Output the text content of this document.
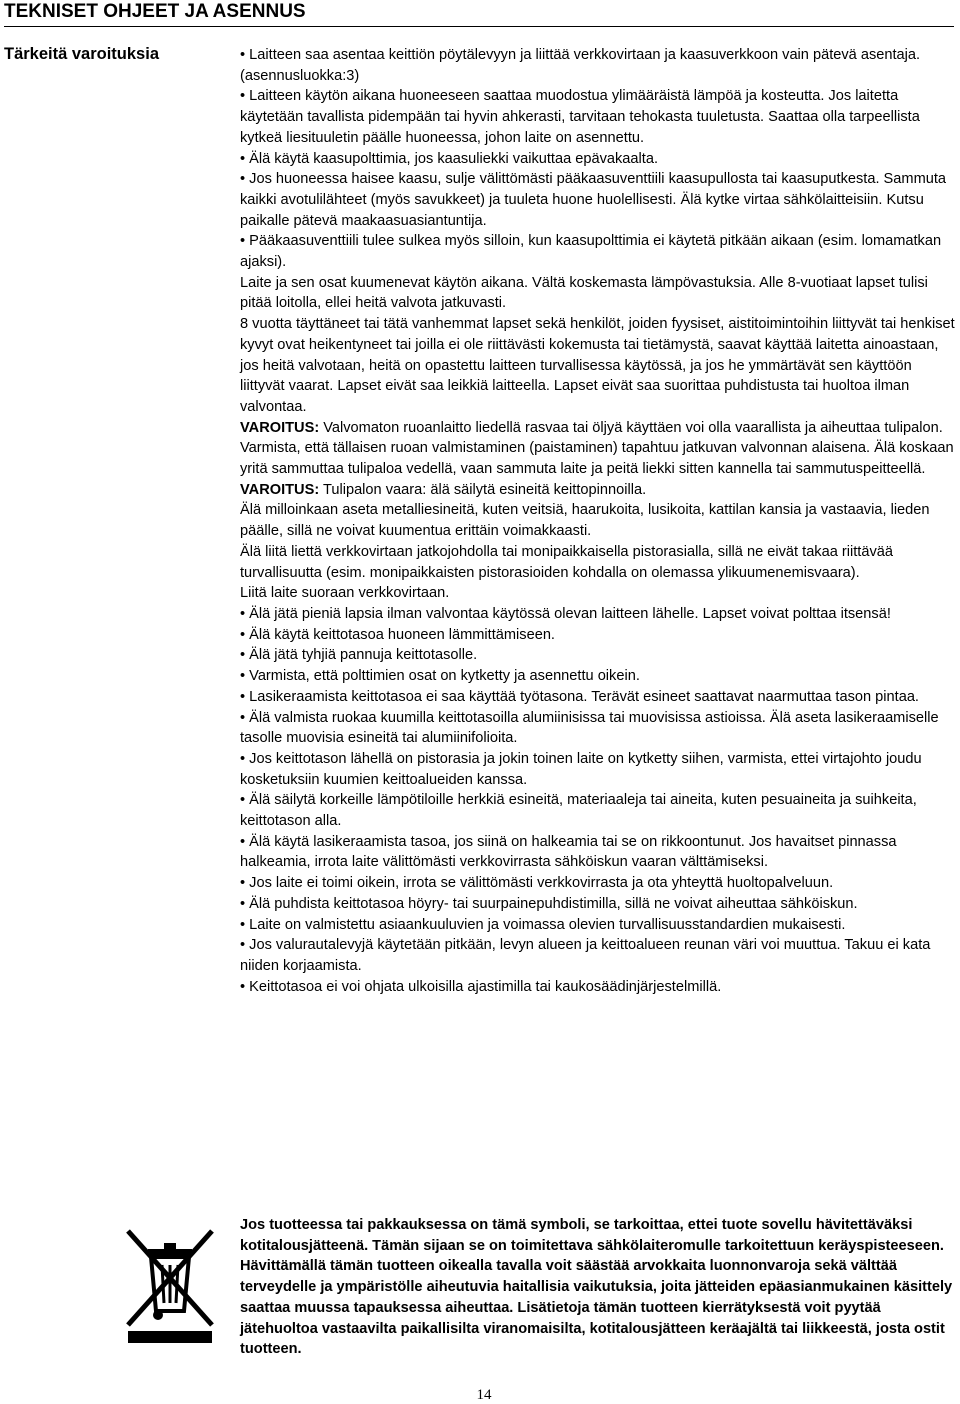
TEKNISET OHJEET JA ASENNUS
Tärkeitä varoituksia	• Laitteen saa asentaa keittiön pöytälevyyn ja liittää verkkovirtaan ja kaasuverkkoon vain pätevä asentaja. (asennusluokka:3)

• Laitteen käytön aikana huoneeseen saattaa muodostua ylimääräistä lämpöä ja kosteutta. Jos laitetta käytetään tavallista pidempään tai hyvin ahkerasti, tarvitaan tehokasta tuuletusta. Saattaa olla tarpeellista kytkeä liesituuletin päälle huoneessa, johon laite on asennettu.

• Älä käytä kaasupolttimia, jos kaasuliekki vaikuttaa epävakaalta.

• Jos huoneessa haisee kaasu, sulje välittömästi pääkaasuventtiili kaasupullosta tai kaasuputkesta. Sammuta kaikki avotulilähteet (myös savukkeet) ja tuuleta huone huolellisesti. Älä kytke virtaa sähkölaitteisiin. Kutsu paikalle pätevä maakaasuasiantuntija.

• Pääkaasuventtiili tulee sulkea myös silloin, kun kaasupolttimia ei käytetä pitkään aikaan (esim. lomamatkan ajaksi).

Laite ja sen osat kuumenevat käytön aikana. Vältä koskemasta lämpövastuksia. Alle 8-vuotiaat lapset tulisi pitää loitolla, ellei heitä valvota jatkuvasti.

8 vuotta täyttäneet tai tätä vanhemmat lapset sekä henkilöt, joiden fyysiset, aistitoimintoihin liittyvät tai henkiset kyvyt ovat heikentyneet tai joilla ei ole riittävästi kokemusta tai tietämystä, saavat käyttää laitetta ainoastaan, jos heitä valvotaan, heitä on opastettu laitteen turvallisessa käytössä, ja jos he ymmärtävät sen käyttöön liittyvät vaarat. Lapset eivät saa leikkiä laitteella. Lapset eivät saa suorittaa puhdistusta tai huoltoa ilman valvontaa.

VAROITUS: Valvomaton ruoanlaitto liedellä rasvaa tai öljyä käyttäen voi olla vaarallista ja aiheuttaa tulipalon. Varmista, että tällaisen ruoan valmistaminen (paistaminen) tapahtuu jatkuvan valvonnan alaisena. Älä koskaan yritä sammuttaa tulipaloa vedellä, vaan sammuta laite ja peitä liekki sitten kannella tai sammutuspeitteellä.

VAROITUS: Tulipalon vaara: älä säilytä esineitä keittopinnoilla.

Älä milloinkaan aseta metalliesineitä, kuten veitsiä, haarukoita, lusikoita, kattilan kansia ja vastaavia, lieden päälle, sillä ne voivat kuumentua erittäin voimakkaasti.

Älä liitä liettä verkkovirtaan jatkojohdolla tai monipaikkaisella pistorasialla, sillä ne eivät takaa riittävää turvallisuutta (esim. monipaikkaisten pistorasioiden kohdalla on olemassa ylikuumenemisvaara).

Liitä laite suoraan verkkovirtaan.

• Älä jätä pieniä lapsia ilman valvontaa käytössä olevan laitteen lähelle. Lapset voivat polttaa itsensä!

• Älä käytä keittotasoa huoneen lämmittämiseen.

• Älä jätä tyhjiä pannuja keittotasolle.

• Varmista, että polttimien osat on kytketty ja asennettu oikein.

• Lasikeraamista keittotasoa ei saa käyttää työtasona. Terävät esineet saattavat naarmuttaa tason pintaa.

• Älä valmista ruokaa kuumilla keittotasoilla alumiinisissa tai muovisissa astioissa. Älä aseta lasikeraamiselle tasolle muovisia esineitä tai alumiinifolioita.

• Jos keittotason lähellä on pistorasia ja jokin toinen laite on kytketty siihen, varmista, ettei virtajohto joudu kosketuksiin kuumien keittoalueiden kanssa.

• Älä säilytä korkeille lämpötiloille herkkiä esineitä, materiaaleja tai aineita, kuten pesuaineita ja suihkeita, keittotason alla.

• Älä käytä lasikeraamista tasoa, jos siinä on halkeamia tai se on rikkoontunut. Jos havaitset pinnassa halkeamia, irrota laite välittömästi verkkovirrasta sähköiskun vaaran välttämiseksi.

• Jos laite ei toimi oikein, irrota se välittömästi verkkovirrasta ja ota yhteyttä huoltopalveluun.

• Älä puhdista keittotasoa höyry- tai suurpainepuhdistimilla, sillä ne voivat aiheuttaa sähköiskun.

• Laite on valmistettu asiaankuuluvien ja voimassa olevien turvallisuusstandardien mukaisesti.

• Jos valurautalevyjä käytetään pitkään, levyn alueen ja keittoalueen reunan väri voi muuttua. Takuu ei kata niiden korjaamista.

• Keittotasoa ei voi ohjata ulkoisilla ajastimilla tai kaukosäädinjärjestelmillä.

Jos tuotteessa tai pakkauksessa on tämä symboli, se tarkoittaa, ettei tuote sovellu hävitettäväksi kotitalousjätteenä. Tämän sijaan se on toimitettava sähkölaiteromulle tarkoitettuun keräyspisteeseen. Hävittämällä tämän tuotteen oikealla tavalla voit säästää arvokkaita luonnonvaroja sekä välttää terveydelle ja ympäristölle aiheutuvia haitallisia vaikutuksia, joita jätteiden epäasianmukainen käsittely saattaa muussa tapauksessa aiheuttaa. Lisätietoja tämän tuotteen kierrätyksestä voit pyytää jätehuoltoa vastaavilta paikallisilta viranomaisilta, kotitalousjätteen keräajältä tai liikkeestä, josta ostit tuotteen.
14
